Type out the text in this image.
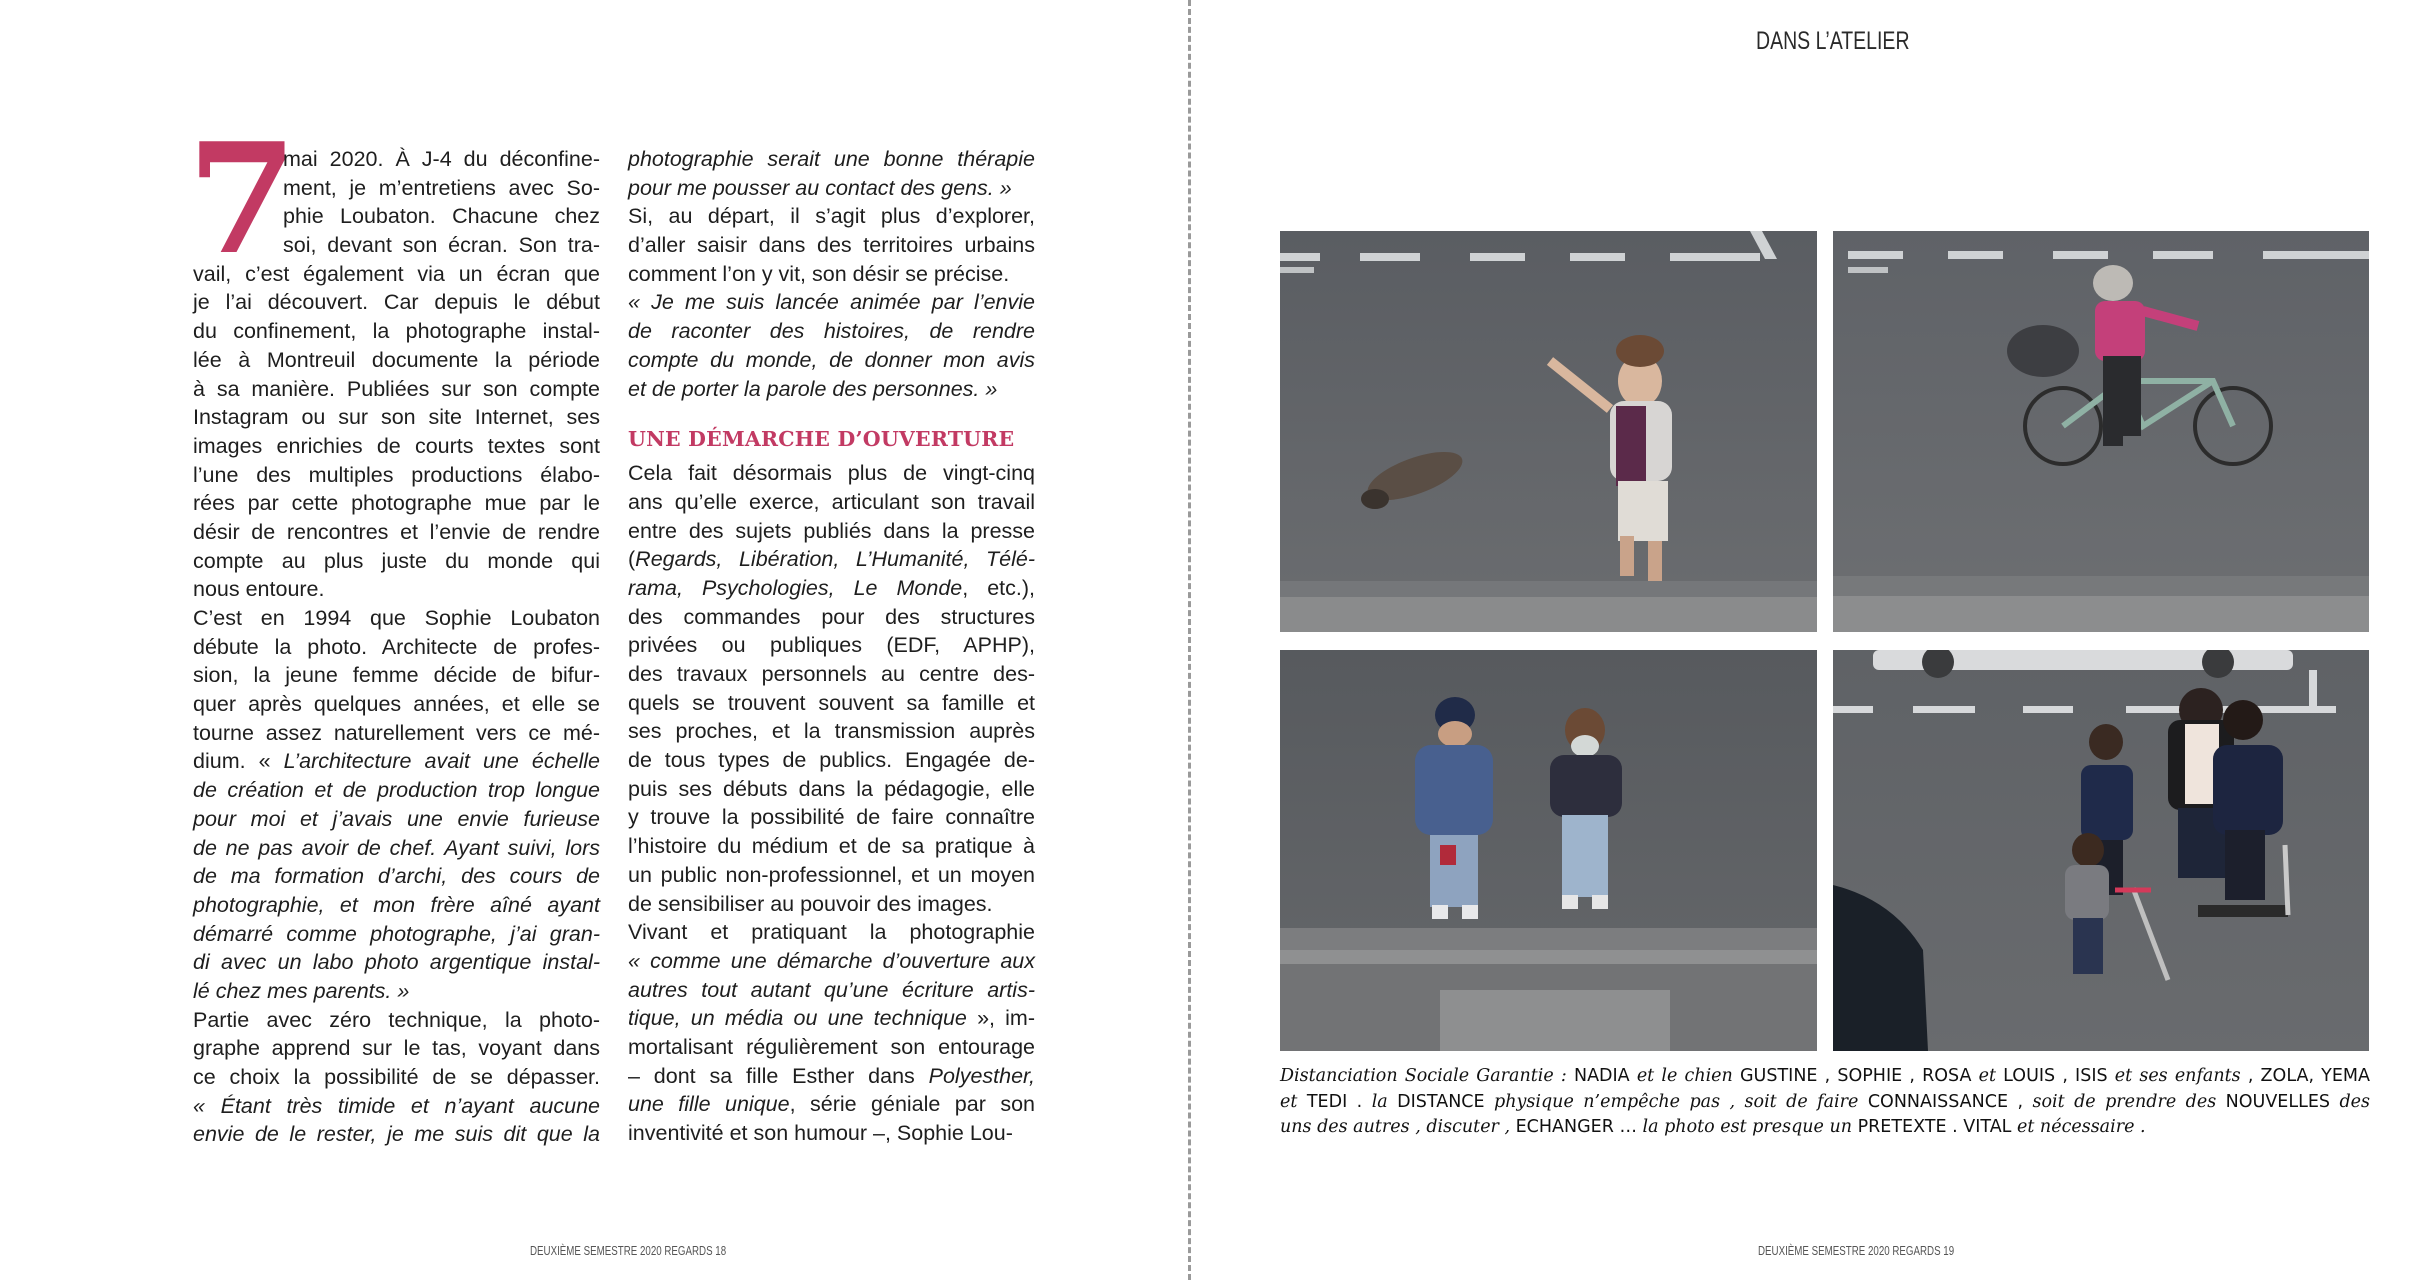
7
mai 2020. À J-4 du déconfine-
ment, je m’entretiens avec So-
phie Loubaton. Chacune chez
soi, devant son écran. Son tra-
vail, c’est également via un écran que
je l’ai découvert. Car depuis le début
du confinement, la photographe instal-
lée à Montreuil documente la période
à sa manière. Publiées sur son compte
Instagram ou sur son site Internet, ses
images enrichies de courts textes sont
l’une des multiples productions élabo-
rées par cette photographe mue par le
désir de rencontres et l’envie de rendre
compte au plus juste du monde qui
nous entoure.
C’est en 1994 que Sophie Loubaton
débute la photo. Architecte de profes-
sion, la jeune femme décide de bifur-
quer après quelques années, et elle se
tourne assez naturellement vers ce mé-
dium. « L’architecture avait une échelle
de création et de production trop longue
pour moi et j’avais une envie furieuse
de ne pas avoir de chef. Ayant suivi, lors
de ma formation d’archi, des cours de
photographie, et mon frère aîné ayant
démarré comme photographe, j’ai gran-
di avec un labo photo argentique instal-
lé chez mes parents. »
Partie avec zéro technique, la photo-
graphe apprend sur le tas, voyant dans
ce choix la possibilité de se dépasser.
« Étant très timide et n’ayant aucune
envie de le rester, je me suis dit que la
photographie serait une bonne thérapie
pour me pousser au contact des gens. »
Si, au départ, il s’agit plus d’explorer,
d’aller saisir dans des territoires urbains
comment l’on y vit, son désir se précise.
« Je me suis lancée animée par l’envie
de raconter des histoires, de rendre
compte du monde, de donner mon avis
et de porter la parole des personnes. »
UNE DÉMARCHE D’OUVERTURE
Cela fait désormais plus de vingt-cinq
ans qu’elle exerce, articulant son travail
entre des sujets publiés dans la presse
(Regards, Libération, L’Humanité, Télé-
rama, Psychologies, Le Monde, etc.),
des commandes pour des structures
privées ou publiques (EDF, APHP),
des travaux personnels au centre des-
quels se trouvent souvent sa famille et
ses proches, et la transmission auprès
de tous types de publics. Engagée de-
puis ses débuts dans la pédagogie, elle
y trouve la possibilité de faire connaître
l’histoire du médium et de sa pratique à
un public non-professionnel, et un moyen
de sensibiliser au pouvoir des images.
Vivant et pratiquant la photographie
« comme une démarche d’ouverture aux
autres tout autant qu’une écriture artis-
tique, un média ou une technique », im-
mortalisant régulièrement son entourage
– dont sa fille Esther dans Polyesther,
une fille unique, série géniale par son
inventivité et son humour –, Sophie Lou-
DEUXIÈME SEMESTRE 2020 REGARDS 18
DANS L’ATELIER
Distanciation Sociale Garantie : NADIA et le chien GUSTINE , SOPHIE , ROSA et LOUIS , ISIS et ses enfants , ZOLA, YEMA
et TEDI . la DISTANCE physique n’empêche pas , soit de faire CONNAISSANCE , soit de prendre des NOUVELLES des
uns des autres , discuter , ECHANGER … la photo est presque un PRETEXTE . VITAL et nécessaire .
DEUXIÈME SEMESTRE 2020 REGARDS 19
